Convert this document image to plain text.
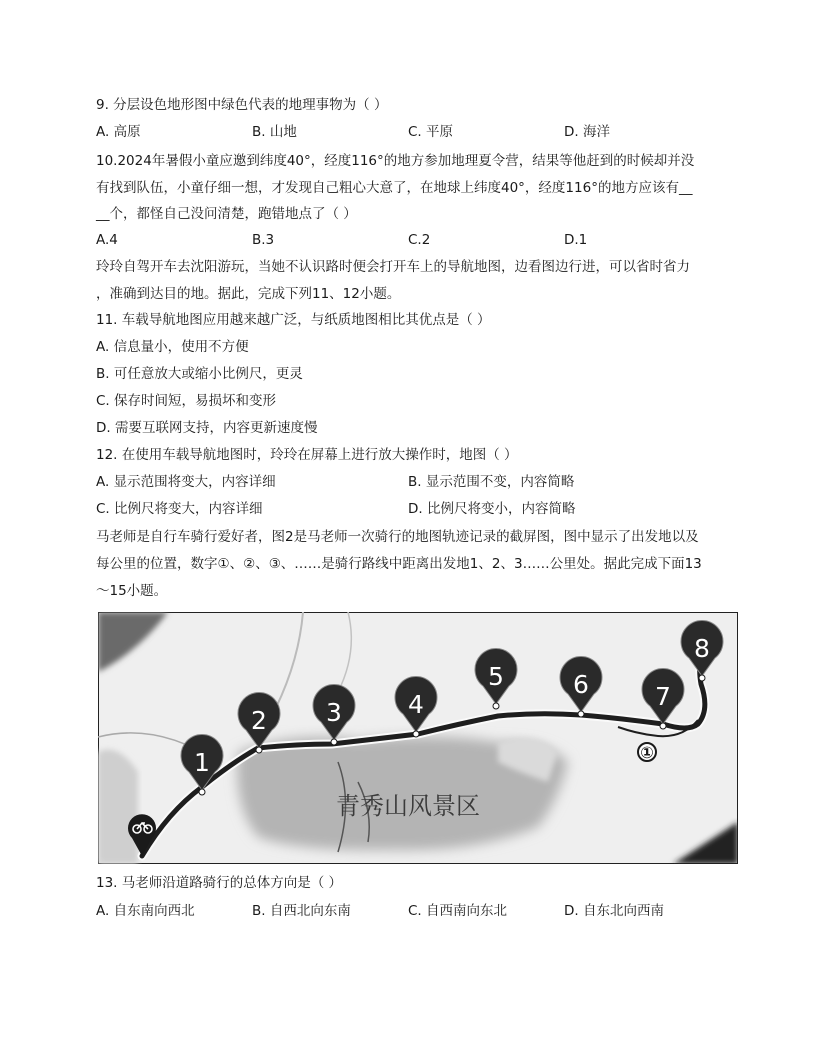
9. 分层设色地形图中绿色代表的地理事物为（ ）
A. 高原	B. 山地	C. 平原	D. 海洋
10.2024年暑假小童应邀到纬度40°，经度116°的地方参加地理夏令营，结果等他赶到的时候却并没
有找到队伍，小童仔细一想，才发现自己粗心大意了，在地球上纬度40°，经度116°的地方应该有__
__个，都怪自己没问清楚，跑错地点了（ ）
A.4	B.3	C.2	D.1
玲玲自驾开车去沈阳游玩，当她不认识路时便会打开车上的导航地图，边看图边行进，可以省时省力
，准确到达目的地。据此，完成下列11、12小题。
11. 车载导航地图应用越来越广泛，与纸质地图相比其优点是（ ）
A. 信息量小，使用不方便
B. 可任意放大或缩小比例尺，更灵
C. 保存时间短，易损坏和变形
D. 需要互联网支持，内容更新速度慢
12. 在使用车载导航地图时，玲玲在屏幕上进行放大操作时，地图（ ）
A. 显示范围将变大，内容详细	B. 显示范围不变，内容简略
C. 比例尺将变大，内容详细	D. 比例尺将变小，内容简略
马老师是自行车骑行爱好者，图2是马老师一次骑行的地图轨迹记录的截屏图，图中显示了出发地以及
每公里的位置，数字①、②、③、……是骑行路线中距离出发地1、2、3……公里处。据此完成下面13
～15小题。
1
2 3	4
5	6	7
8
①
青秀山风景区
13. 马老师沿道路骑行的总体方向是（ ）
A. 自东南向西北	B. 自西北向东南	C. 自西南向东北	D. 自东北向西南
